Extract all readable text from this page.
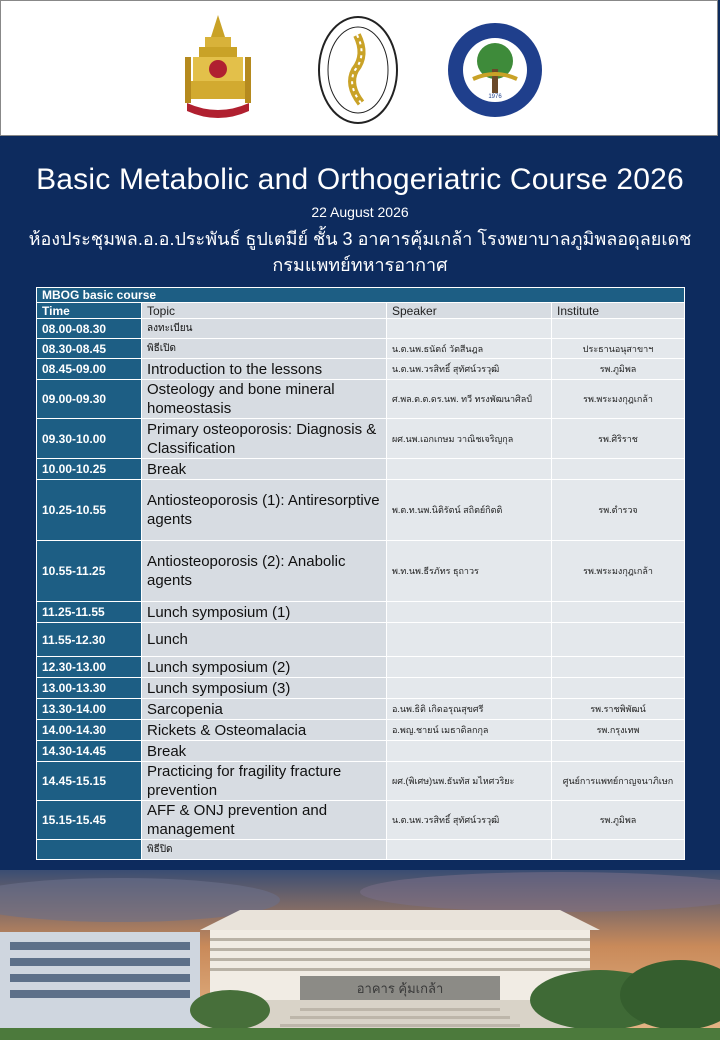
1976
Basic Metabolic and Orthogeriatric Course 2026
22 August 2026
ห้องประชุมพล.อ.อ.ประพันธ์ ธูปเตมีย์ ชั้น 3 อาคารคุ้มเกล้า โรงพยาบาลภูมิพลอดุลยเดช กรมแพทย์ทหารอากาศ
MBOG basic course			
Time	Topic	Speaker	Institute
08.00-08.30	ลงทะเบียน		
08.30-08.45	พิธีเปิด	น.ต.นพ.ธนัตถ์ วัตสีนฎล	ประธานอนุสาขาฯ
08.45-09.00	Introduction to the lessons	น.ต.นพ.วรสิทธิ์ สุทัศน์วรวุฒิ	รพ.ภูมิพล
09.00-09.30	Osteology and bone mineral homeostasis	ศ.พล.ต.ต.ดร.นพ. ทวี ทรงพัฒนาศิลป์	รพ.พระมงกุฎเกล้า
09.30-10.00	Primary osteoporosis: Diagnosis & Classification	ผศ.นพ.เอกเกษม วาณิชเจริญกุล	รพ.ศิริราช
10.00-10.25	Break		
10.25-10.55	Antiosteoporosis (1): Antiresorptive agents	พ.ต.ท.นพ.นิติรัตน์ สถิตย์กิตติ	รพ.ตำรวจ
10.55-11.25	Antiosteoporosis (2): Anabolic agents	พ.ท.นพ.ธีรภัทร ธุถาวร	รพ.พระมงกุฎเกล้า
11.25-11.55	Lunch symposium (1)		
11.55-12.30	Lunch		
12.30-13.00	Lunch symposium (2)		
13.00-13.30	Lunch symposium (3)		
13.30-14.00	Sarcopenia	อ.นพ.ธิติ เกิดอรุณสุขศรี	รพ.ราชพิพัฒน์
14.00-14.30	Rickets & Osteomalacia	อ.พญ.ชายน์ เมธาดิลกกุล	รพ.กรุงเทพ
14.30-14.45	Break		
14.45-15.15	Practicing for fragility fracture prevention	ผศ.(พิเศษ)นพ.ธันทัส มไหศวริยะ	ศูนย์การแพทย์กาญจนาภิเษก
15.15-15.45	AFF & ONJ prevention and management	น.ต.นพ.วรสิทธิ์ สุทัศน์วรวุฒิ	รพ.ภูมิพล
	พิธีปิด		
อาคาร คุ้มเกล้า
